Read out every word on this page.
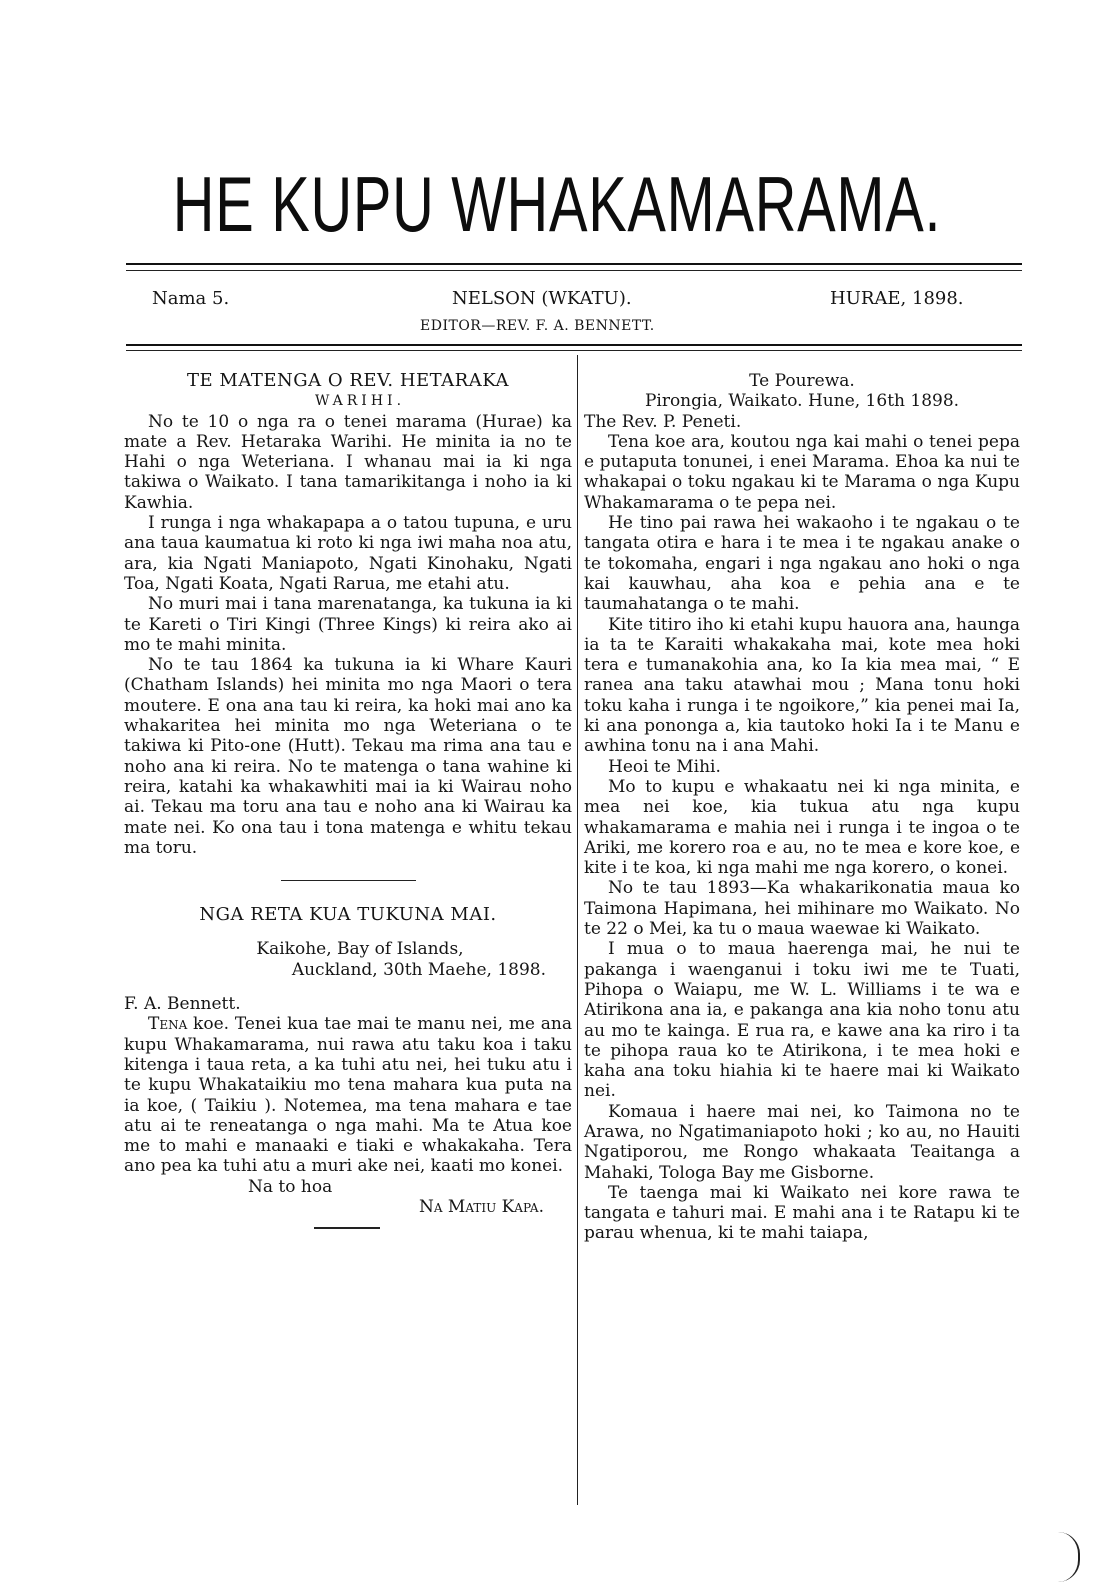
HE KUPU WHAKAMARAMA.
Nama 5.	NELSON (WKATU).	HURAE, 1898.
EDITOR—REV. F. A. BENNETT.

TE MATENGA O REV. HETARAKA

WARIHI.

No te 10 o nga ra o tenei marama (Hurae) ka mate a Rev. Hetaraka Warihi. He minita ia no te Hahi o nga Weteriana. I whanau mai ia ki nga takiwa o Waikato. I tana tamarikitanga i noho ia ki Kawhia.

I runga i nga whakapapa a o tatou tupuna, e uru ana taua kaumatua ki roto ki nga iwi maha noa atu, ara, kia Ngati Maniapoto, Ngati Kinohaku, Ngati Toa, Ngati Koata, Ngati Rarua, me etahi atu.

No muri mai i tana marenatanga, ka tukuna ia ki te Kareti o Tiri Kingi (Three Kings) ki reira ako ai mo te mahi minita.

No te tau 1864 ka tukuna ia ki Whare Kauri (Chatham Islands) hei minita mo nga Maori o tera moutere. E ona ana tau ki reira, ka hoki mai ano ka whakaritea hei minita mo nga Weteriana o te takiwa ki Pito-one (Hutt). Tekau ma rima ana tau e noho ana ki reira. No te matenga o tana wahine ki reira, katahi ka whakawhiti mai ia ki Wairau noho ai. Tekau ma toru ana tau e noho ana ki Wairau ka mate nei. Ko ona tau i tona matenga e whitu tekau ma toru.

NGA RETA KUA TUKUNA MAI.

Kaikohe, Bay of Islands,

Auckland, 30th Maehe, 1898.

F. A. Bennett.

Tena koe. Tenei kua tae mai te manu nei, me ana kupu Whakamarama, nui rawa atu taku koa i taku kitenga i taua reta, a ka tuhi atu nei, hei tuku atu i te kupu Whakataikiu mo tena mahara kua puta na ia koe, ( Taikiu ). Notemea, ma tena mahara e tae atu ai te reneatanga o nga mahi. Ma te Atua koe me to mahi e manaaki e tiaki e whakakaha. Tera ano pea ka tuhi atu a muri ake nei, kaati mo konei.

Na to hoa

Na Matiu Kapa.

Te Pourewa.

Pirongia, Waikato. Hune, 16th 1898.

The Rev. P. Peneti.

Tena koe ara, koutou nga kai mahi o tenei pepa e putaputa tonunei, i enei Marama. Ehoa ka nui te whakapai o toku ngakau ki te Marama o nga Kupu Whakamarama o te pepa nei.

He tino pai rawa hei wakaoho i te ngakau o te tangata otira e hara i te mea i te ngakau anake o te tokomaha, engari i nga ngakau ano hoki o nga kai kauwhau, aha koa e pehia ana e te taumahatanga o te mahi.

Kite titiro iho ki etahi kupu hauora ana, haunga ia ta te Karaiti whakakaha mai, kote mea hoki tera e tumanakohia ana, ko Ia kia mea mai, “ E ranea ana taku atawhai mou ; Mana tonu hoki toku kaha i runga i te ngoikore,” kia penei mai Ia, ki ana pononga a, kia tautoko hoki Ia i te Manu e awhina tonu na i ana Mahi.

Heoi te Mihi.

Mo to kupu e whakaatu nei ki nga minita, e mea nei koe, kia tukua atu nga kupu whakamarama e mahia nei i runga i te ingoa o te Ariki, me korero roa e au, no te mea e kore koe, e kite i te koa, ki nga mahi me nga korero, o konei.

No te tau 1893—Ka whakarikonatia maua ko Taimona Hapimana, hei mihinare mo Waikato. No te 22 o Mei, ka tu o maua waewae ki Waikato.

I mua o to maua haerenga mai, he nui te pakanga i waenganui i toku iwi me te Tuati, Pihopa o Waiapu, me W. L. Williams i te wa e Atirikona ana ia, e pakanga ana kia noho tonu atu au mo te kainga. E rua ra, e kawe ana ka riro i ta te pihopa raua ko te Atirikona, i te mea hoki e kaha ana toku hiahia ki te haere mai ki Waikato nei.

Komaua i haere mai nei, ko Taimona no te Arawa, no Ngatimaniapoto hoki ; ko au, no Hauiti Ngatiporou, me Rongo whakaata Teaitanga a Mahaki, Tologa Bay me Gisborne.

Te taenga mai ki Waikato nei kore rawa te tangata e tahuri mai. E mahi ana i te Ratapu ki te parau whenua, ki te mahi taiapa,
